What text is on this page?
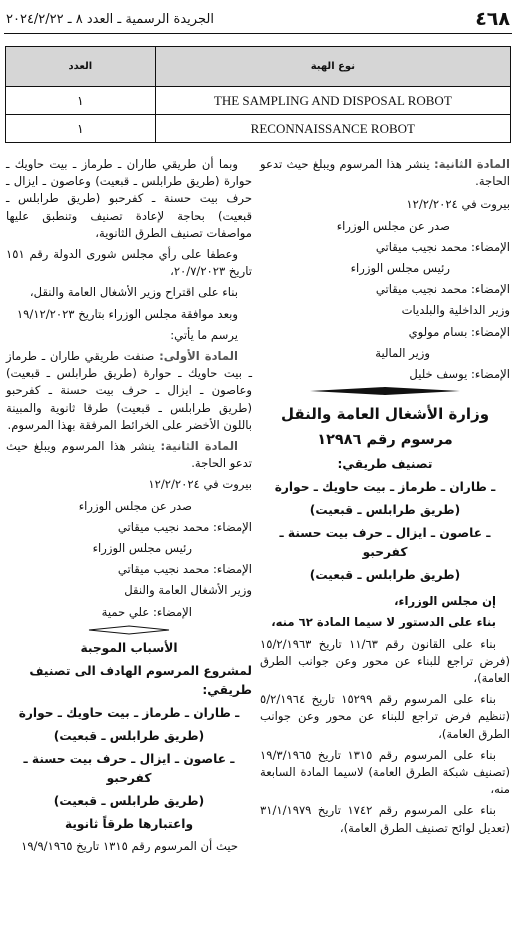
٤٦٨
الجريدة الرسمية ـ العدد ٨ ـ ٢٠٢٤/٢/٢٢
نوع الهبة	العدد
THE SAMPLING AND DISPOSAL ROBOT	١
RECONNAISSANCE ROBOT	١

المادة الثانية: ينشر هذا المرسوم ويبلغ حيث تدعو الحاجة.

بيروت في ١٢/٢/٢٠٢٤

صدر عن مجلس الوزراء

الإمضاء: محمد نجيب ميقاتي

رئيس مجلس الوزراء

الإمضاء: محمد نجيب ميقاتي

وزير الداخلية والبلديات

الإمضاء: بسام مولوي

وزير المالية

الإمضاء: يوسف خليل

وزارة الأشغال العامة والنقل

مرسوم رقم ١٢٩٨٦

تصنيف طريقي:

ـ طاران ـ طرماز ـ بيت حاويك ـ حوارة

(طريق طرابلس ـ قبعيت)

ـ عاصون ـ ايزال ـ حرف بيت حسنة ـ كفرحبو

(طريق طرابلس ـ قبعيت)

إن مجلس الوزراء،

بناء على الدستور لا سيما المادة ٦٢ منه،

بناء على القانون رقم ١١/٦٣ تاريخ ١٥/٢/١٩٦٣ (فرض تراجع للبناء عن محور وعن جوانب الطرق العامة)،

بناء على المرسوم رقم ١٥٢٩٩ تاريخ ٥/٢/١٩٦٤ (تنظيم فرض تراجع للبناء عن محور وعن جوانب الطرق العامة)،

بناء على المرسوم رقم ١٣١٥ تاريخ ١٩/٣/١٩٦٥ (تصنيف شبكة الطرق العامة) لاسيما المادة السابعة منه،

بناء على المرسوم رقم ١٧٤٢ تاريخ ٣١/١/١٩٧٩ (تعديل لوائح تصنيف الطرق العامة)،

وبما أن طريقي طاران ـ طرماز ـ بيت حاويك ـ حوارة (طريق طرابلس ـ قبعيت) وعاصون ـ ايزال ـ حرف بيت حسنة ـ كفرحبو (طريق طرابلس ـ قبعيت) بحاجة لإعادة تصنيف وتنطبق عليها مواصفات تصنيف الطرق الثانوية،

وعطفا على رأي مجلس شورى الدولة رقم ١٥١ تاريخ ٢٠/٧/٢٠٢٣،

بناء على اقتراح وزير الأشغال العامة والنقل،

وبعد موافقة مجلس الوزراء بتاريخ ١٩/١٢/٢٠٢٣

يرسم ما يأتي:

المادة الأولى: صنفت طريقي طاران ـ طرماز ـ بيت حاويك ـ حوارة (طريق طرابلس ـ قبعيت) وعاصون ـ ايزال ـ حرف بيت حسنة ـ كفرحبو (طريق طرابلس ـ قبعيت) طرقا ثانوية والمبينة باللون الأخضر على الخرائط المرفقة بهذا المرسوم.

المادة الثانية: ينشر هذا المرسوم ويبلغ حيث تدعو الحاجة.

بيروت في ١٢/٢/٢٠٢٤

صدر عن مجلس الوزراء

الإمضاء: محمد نجيب ميقاتي

رئيس مجلس الوزراء

الإمضاء: محمد نجيب ميقاتي

وزير الأشغال العامة والنقل

الإمضاء: علي حمية

الأسباب الموجبة

لمشروع المرسوم الهادف الى تصنيف طريقي:

ـ طاران ـ طرماز ـ بيت حاويك ـ حوارة

(طريق طرابلس ـ قبعيت)

ـ عاصون ـ ايزال ـ حرف بيت حسنة ـ كفرحبو

(طريق طرابلس ـ قبعيت)

واعتبارها طرقاً ثانوية

حيث أن المرسوم رقم ١٣١٥ تاريخ ١٩/٩/١٩٦٥
